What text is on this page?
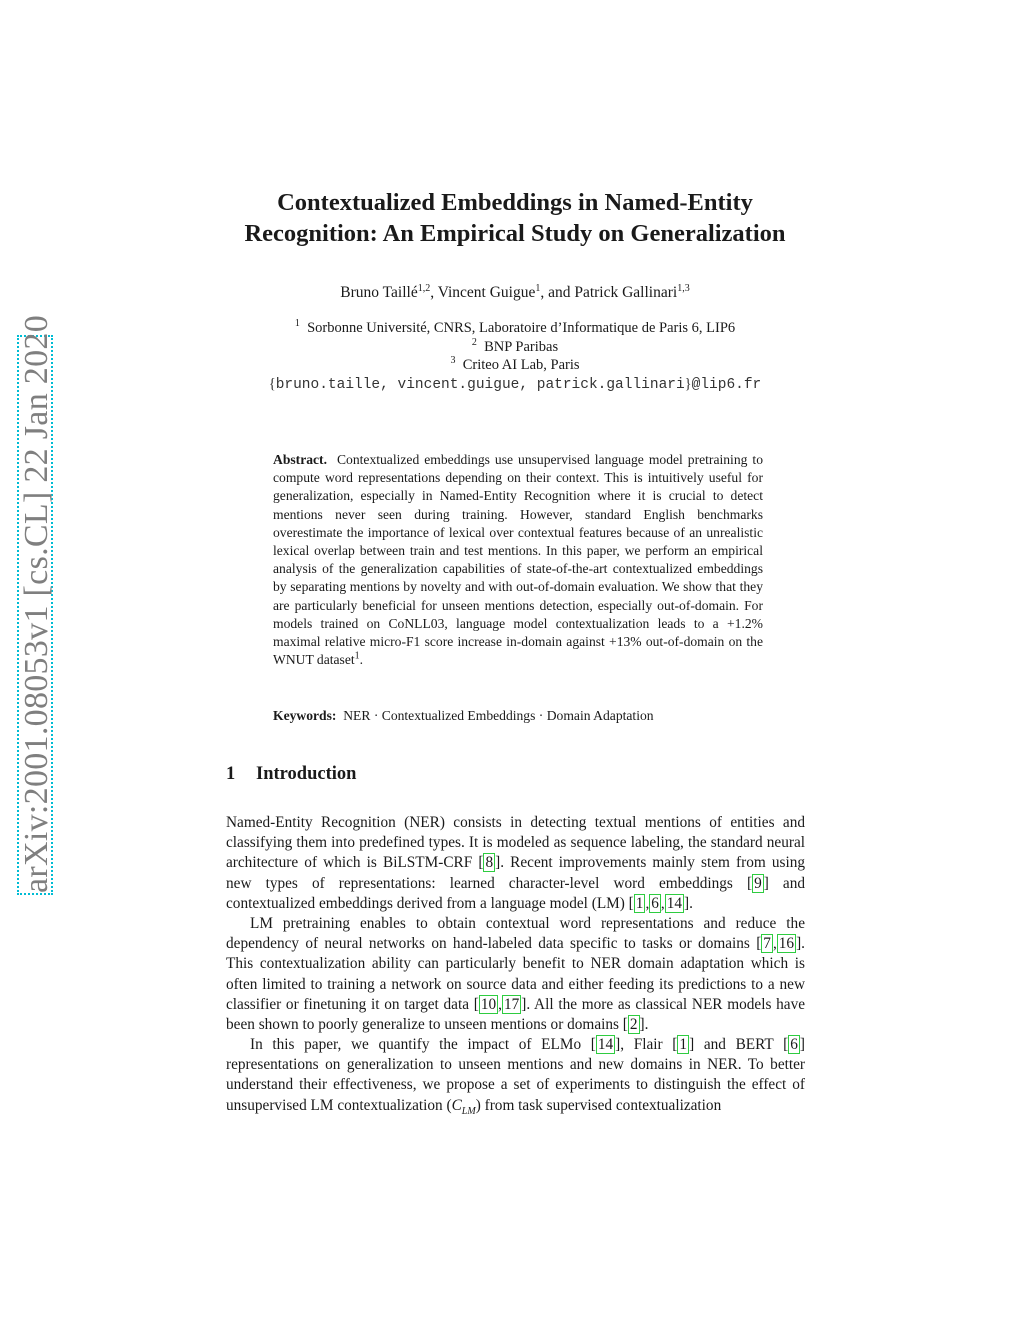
arXiv:2001.08053v1 [cs.CL] 22 Jan 2020
Contextualized Embeddings in Named-Entity
Recognition: An Empirical Study on Generalization
Bruno Taillé$^{1,2}$, Vincent Guigue$^1$, and Patrick Gallinari$^{1,3}$
$^1$ Sorbonne Université, CNRS, Laboratoire d’Informatique de Paris 6, LIP6
$^2$ BNP Paribas
$^3$ Criteo AI Lab, Paris
{bruno.taille, vincent.guigue, patrick.gallinari}@lip6.fr
Abstract. Contextualized embeddings use unsupervised language model pretraining to compute word representations depending on their context. This is intuitively useful for generalization, especially in Named-Entity Recognition where it is crucial to detect mentions never seen during training. However, standard English benchmarks overestimate the importance of lexical over contextual features because of an unrealistic lexical overlap between train and test mentions. In this paper, we perform an empirical analysis of the generalization capabilities of state-of-the-art contextualized embeddings by separating mentions by novelty and with out-of-domain evaluation. We show that they are particularly beneficial for unseen mentions detection, especially out-of-domain. For models trained on CoNLL03, language model contextualization leads to a +1.2% maximal relative micro-F1 score increase in-domain against +13% out-of-domain on the WNUT dataset$^1$.
Keywords: NER · Contextualized Embeddings · Domain Adaptation
1 Introduction
Named-Entity Recognition (NER) consists in detecting textual mentions of entities and classifying them into predefined types. It is modeled as sequence labeling, the standard neural architecture of which is BiLSTM-CRF [ 8 ]. Recent improvements mainly stem from using new types of representations: learned character-level word embeddings [ 9 ] and contextualized embeddings derived from a language model (LM) [ 1 , 6 , 14 ].
LM pretraining enables to obtain contextual word representations and reduce the dependency of neural networks on hand-labeled data specific to tasks or domains [ 7 , 16 ]. This contextualization ability can particularly benefit to NER domain adaptation which is often limited to training a network on source data and either feeding its predictions to a new classifier or finetuning it on target data [ 10 , 17 ]. All the more as classical NER models have been shown to poorly generalize to unseen mentions or domains [ 2 ].
In this paper, we quantify the impact of ELMo [ 14 ], Flair [ 1 ] and BERT [ 6 ] representations on generalization to unseen mentions and new domains in NER. To better understand their effectiveness, we propose a set of experiments to distinguish the effect of unsupervised LM contextualization $(C_{LM})$ from task supervised contextualization
